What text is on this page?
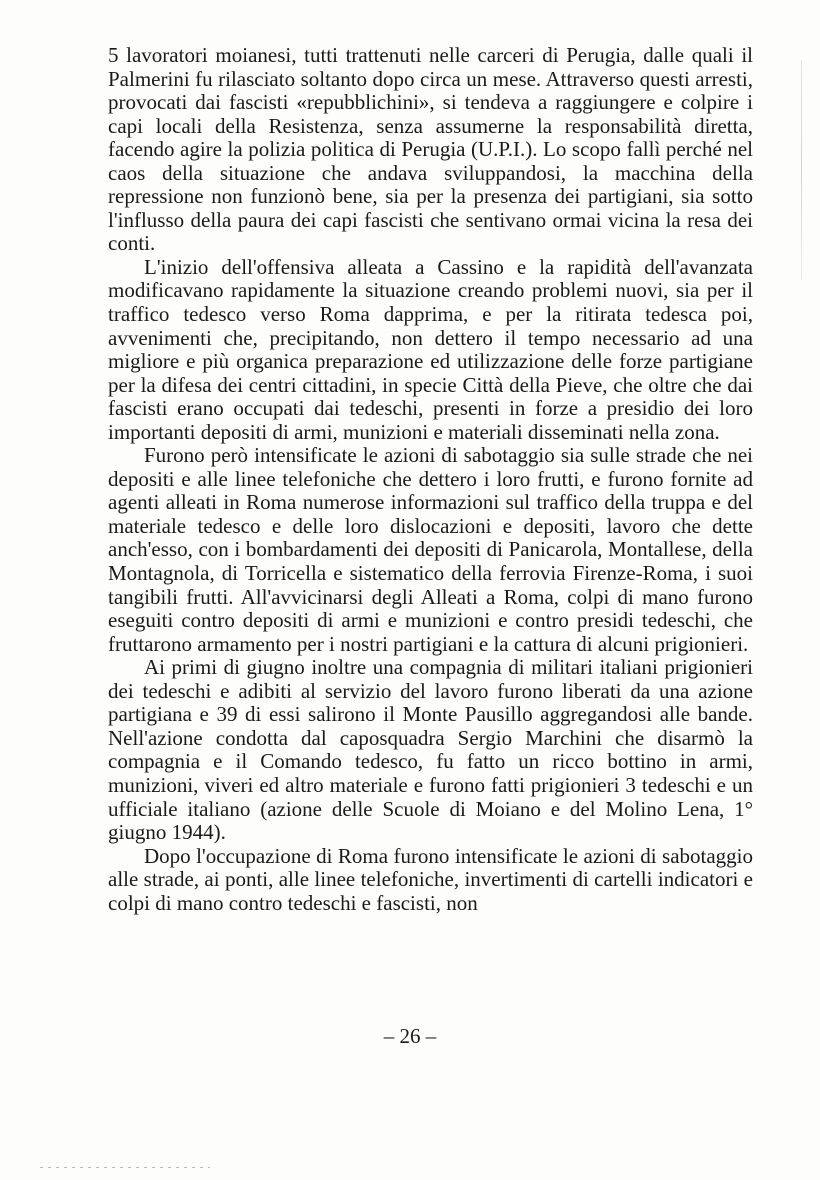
5 lavoratori moianesi, tutti trattenuti nelle carceri di Perugia, dalle quali il Palmerini fu rilasciato soltanto dopo circa un mese. Attraverso questi arresti, provocati dai fascisti «repubblichini», si tendeva a raggiungere e colpire i capi locali della Resistenza, senza assumerne la responsabilità diretta, facendo agire la polizia politica di Perugia (U.P.I.). Lo scopo fallì perché nel caos della situazione che andava sviluppandosi, la macchina della repressione non funzionò bene, sia per la presenza dei partigiani, sia sotto l'influsso della paura dei capi fascisti che sentivano ormai vicina la resa dei conti.

L'inizio dell'offensiva alleata a Cassino e la rapidità dell'avanzata modificavano rapidamente la situazione creando problemi nuovi, sia per il traffico tedesco verso Roma dapprima, e per la ritirata tedesca poi, avvenimenti che, precipitando, non dettero il tempo necessario ad una migliore e più organica preparazione ed utilizzazione delle forze partigiane per la difesa dei centri cittadini, in specie Città della Pieve, che oltre che dai fascisti erano occupati dai tedeschi, presenti in forze a presidio dei loro importanti depositi di armi, munizioni e materiali disseminati nella zona.

Furono però intensificate le azioni di sabotaggio sia sulle strade che nei depositi e alle linee telefoniche che dettero i loro frutti, e furono fornite ad agenti alleati in Roma numerose informazioni sul traffico della truppa e del materiale tedesco e delle loro dislocazioni e depositi, lavoro che dette anch'esso, con i bombardamenti dei depositi di Panicarola, Montallese, della Montagnola, di Torricella e sistematico della ferrovia Firenze-Roma, i suoi tangibili frutti. All'avvicinarsi degli Alleati a Roma, colpi di mano furono eseguiti contro depositi di armi e munizioni e contro presidi tedeschi, che fruttarono armamento per i nostri partigiani e la cattura di alcuni prigionieri.

Ai primi di giugno inoltre una compagnia di militari italiani prigionieri dei tedeschi e adibiti al servizio del lavoro furono liberati da una azione partigiana e 39 di essi salirono il Monte Pausillo aggregandosi alle bande. Nell'azione condotta dal caposquadra Sergio Marchini che disarmò la compagnia e il Comando tedesco, fu fatto un ricco bottino in armi, munizioni, viveri ed altro materiale e furono fatti prigionieri 3 tedeschi e un ufficiale italiano (azione delle Scuole di Moiano e del Molino Lena, 1° giugno 1944).

Dopo l'occupazione di Roma furono intensificate le azioni di sabotaggio alle strade, ai ponti, alle linee telefoniche, invertimenti di cartelli indicatori e colpi di mano contro tedeschi e fascisti, non

– 26 –
